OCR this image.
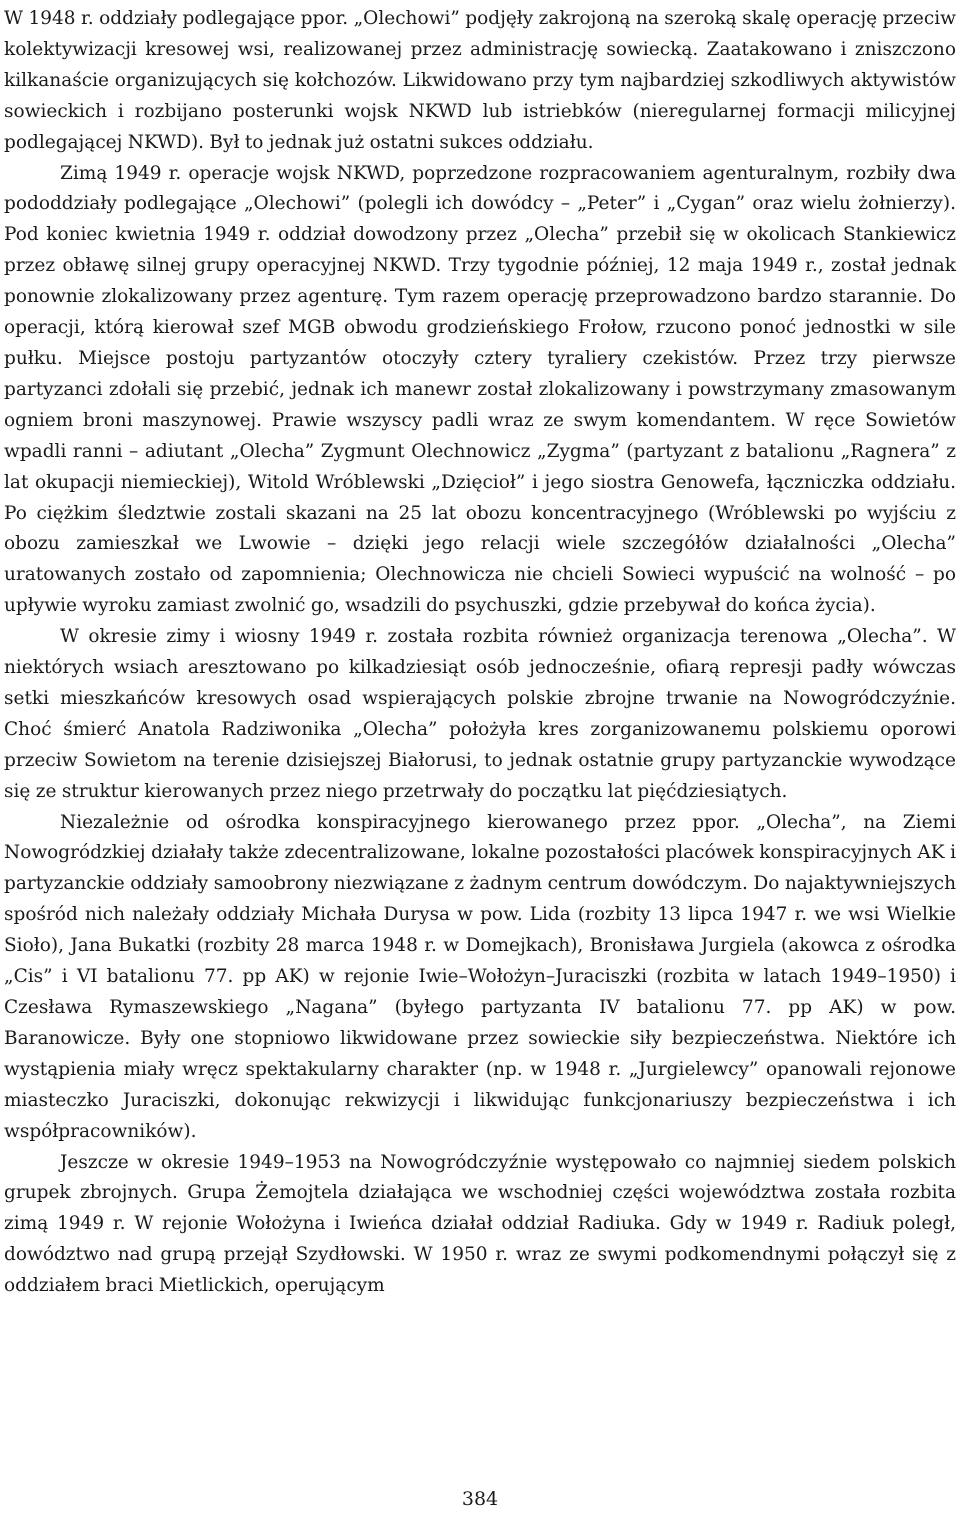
W 1948 r. oddziały podlegające ppor. „Olechowi” podjęły zakrojoną na szeroką skalę operację przeciw kolektywizacji kresowej wsi, realizowanej przez administrację sowiecką. Zaatakowano i zniszczono kilkanaście organizujących się kołchozów. Likwidowano przy tym najbardziej szkodliwych aktywistów sowieckich i rozbijano posterunki wojsk NKWD lub istriebków (nieregularnej formacji milicyjnej podlegającej NKWD). Był to jednak już ostatni sukces oddziału.

Zimą 1949 r. operacje wojsk NKWD, poprzedzone rozpracowaniem agenturalnym, rozbiły dwa pododdziały podlegające „Olechowi” (polegli ich dowódcy – „Peter” i „Cygan” oraz wielu żołnierzy). Pod koniec kwietnia 1949 r. oddział dowodzony przez „Olecha” przebił się w okolicach Stankiewicz przez obławę silnej grupy operacyjnej NKWD. Trzy tygodnie później, 12 maja 1949 r., został jednak ponownie zlokalizowany przez agenturę. Tym razem operację przeprowadzono bardzo starannie. Do operacji, którą kierował szef MGB obwodu grodzieńskiego Frołow, rzucono ponoć jednostki w sile pułku. Miejsce postoju partyzantów otoczyły cztery tyraliery czekistów. Przez trzy pierwsze partyzanci zdołali się przebić, jednak ich manewr został zlokalizowany i powstrzymany zmasowanym ogniem broni maszynowej. Prawie wszyscy padli wraz ze swym komendantem. W ręce Sowietów wpadli ranni – adiutant „Olecha” Zygmunt Olechnowicz „Zygma” (partyzant z batalionu „Ragnera” z lat okupacji niemieckiej), Witold Wróblewski „Dzięcioł” i jego siostra Genowefa, łączniczka oddziału. Po ciężkim śledztwie zostali skazani na 25 lat obozu koncentracyjnego (Wróblewski po wyjściu z obozu zamieszkał we Lwowie – dzięki jego relacji wiele szczegółów działalności „Olecha” uratowanych zostało od zapomnienia; Olechnowicza nie chcieli Sowieci wypuścić na wolność – po upływie wyroku zamiast zwolnić go, wsadzili do psychuszki, gdzie przebywał do końca życia).

W okresie zimy i wiosny 1949 r. została rozbita również organizacja terenowa „Olecha”. W niektórych wsiach aresztowano po kilkadziesiąt osób jednocześnie, ofiarą represji padły wówczas setki mieszkańców kresowych osad wspierających polskie zbrojne trwanie na Nowogródczyźnie. Choć śmierć Anatola Radziwonika „Olecha” położyła kres zorganizowanemu polskiemu oporowi przeciw Sowietom na terenie dzisiejszej Białorusi, to jednak ostatnie grupy partyzanckie wywodzące się ze struktur kierowanych przez niego przetrwały do początku lat pięćdziesiątych.

Niezależnie od ośrodka konspiracyjnego kierowanego przez ppor. „Olecha”, na Ziemi Nowogródzkiej działały także zdecentralizowane, lokalne pozostałości placówek konspiracyjnych AK i partyzanckie oddziały samoobrony niezwiązane z żadnym centrum dowódczym. Do najaktywniejszych spośród nich należały oddziały Michała Durysa w pow. Lida (rozbity 13 lipca 1947 r. we wsi Wielkie Sioło), Jana Bukatki (rozbity 28 marca 1948 r. w Domejkach), Bronisława Jurgiela (akowca z ośrodka „Cis” i VI batalionu 77. pp AK) w rejonie Iwie–Wołożyn–Juraciszki (rozbita w latach 1949–1950) i Czesława Rymaszewskiego „Nagana” (byłego partyzanta IV batalionu 77. pp AK) w pow. Baranowicze. Były one stopniowo likwidowane przez sowieckie siły bezpieczeństwa. Niektóre ich wystąpienia miały wręcz spektakularny charakter (np. w 1948 r. „Jurgielewcy” opanowali rejonowe miasteczko Juraciszki, dokonując rekwizycji i likwidując funkcjonariuszy bezpieczeństwa i ich współpracowników).

Jeszcze w okresie 1949–1953 na Nowogródczyźnie występowało co najmniej siedem polskich grupek zbrojnych. Grupa Żemojtela działająca we wschodniej części województwa została rozbita zimą 1949 r. W rejonie Wołożyna i Iwieńca działał oddział Radiuka. Gdy w 1949 r. Radiuk poległ, dowództwo nad grupą przejął Szydłowski. W 1950 r. wraz ze swymi podkomendnymi połączył się z oddziałem braci Mietlickich, operującym

384
